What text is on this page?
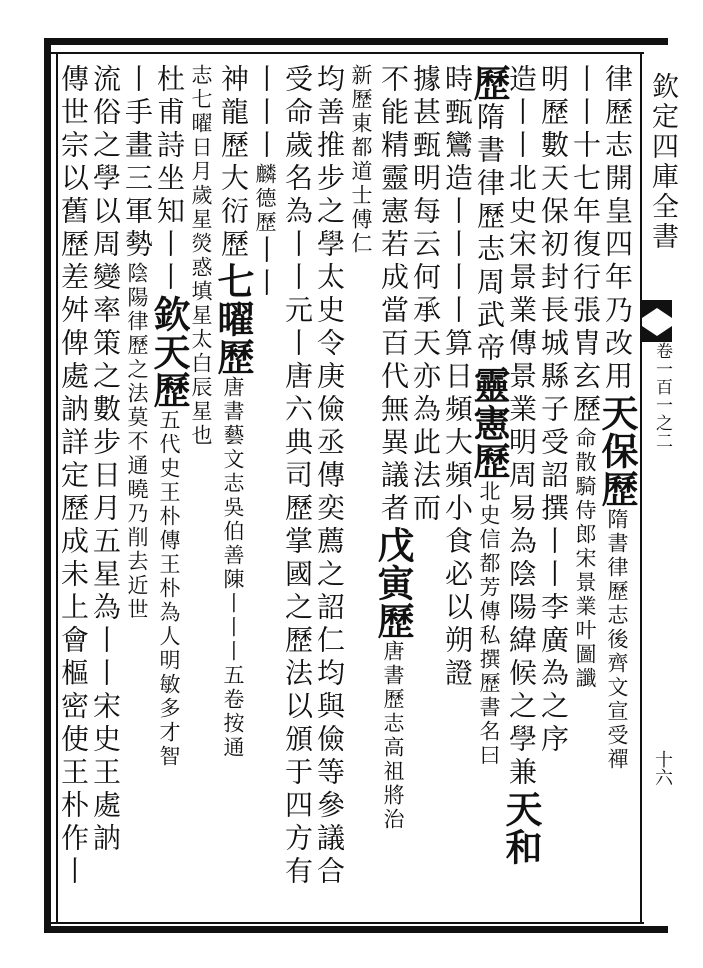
欽定四庫全書
卷一百一之二
十六
律歷志開皇四年乃改用天保歷隋書律歷志後齊文宣受禪
丨丨十七年復行張胄玄歷命散騎侍郎宋景業叶圖讖
明歷數天保初封長城縣子受詔撰丨丨李廣為之序
造丨丨北史宋景業傳景業明周易為陰陽緯候之學兼天和
歷隋書律歷志周武帝靈憲歷北史信都芳傳私撰歷書名曰
時甄鸞造丨丨丨丨算日頻大頻小食必以朔證
據甚甄明每云何承天亦為此法而
不能精靈憲若成當百代無異議者戊寅歷唐書歷志高祖將治
新歷東都道士傅仁
均善推步之學太史令庚儉丞傳奕薦之詔仁均與儉等參議合
受命歲名為丨丨元丨唐六典司歷掌國之歷法以頒于四方有
丨丨丨麟德歷丨丨
神龍歷大衍歷七曜歷唐書藝文志吳伯善陳丨丨丨五卷按通
志七曜日月歲星熒惑填星太白辰星也
杜甫詩坐知丨丨欽天歷五代史王朴傳王朴為人明敏多才智
丨手畫三軍勢陰陽律歷之法莫不通曉乃削去近世
流俗之學以周變率策之數步日月五星為丨丨宋史王處訥
傳世宗以舊歷差舛俾處訥詳定歷成未上會樞密使王朴作丨
